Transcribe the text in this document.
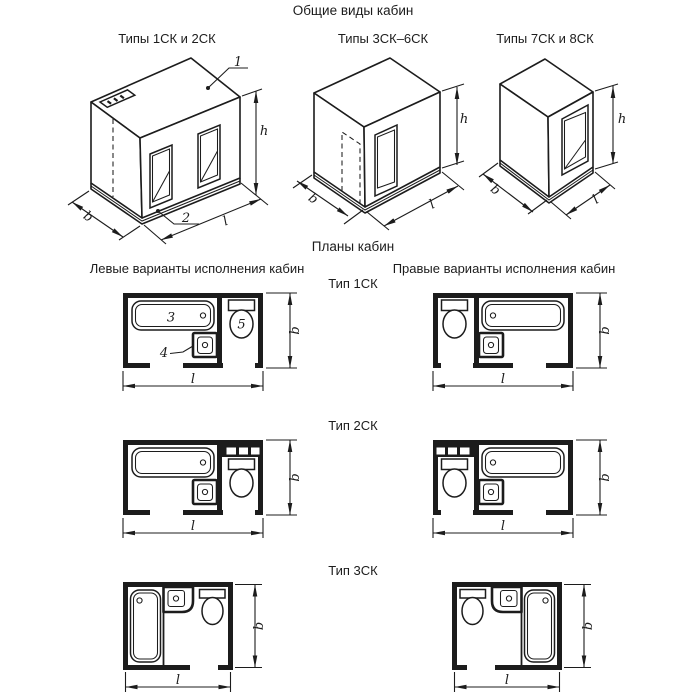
Общие виды кабин
Типы 1СК и 2СК	Типы 3СК–6СК	Типы 7СК и 8СК
Планы кабин
Левые варианты исполнения кабин	Правые варианты исполнения кабин
Тип 1СК
Тип 2СК
Тип 3СК
1
2
h
b	l
h
b	l
h
b
l
3	5
4
b
l
b
l
b
l
b
l
b
l
b
l
